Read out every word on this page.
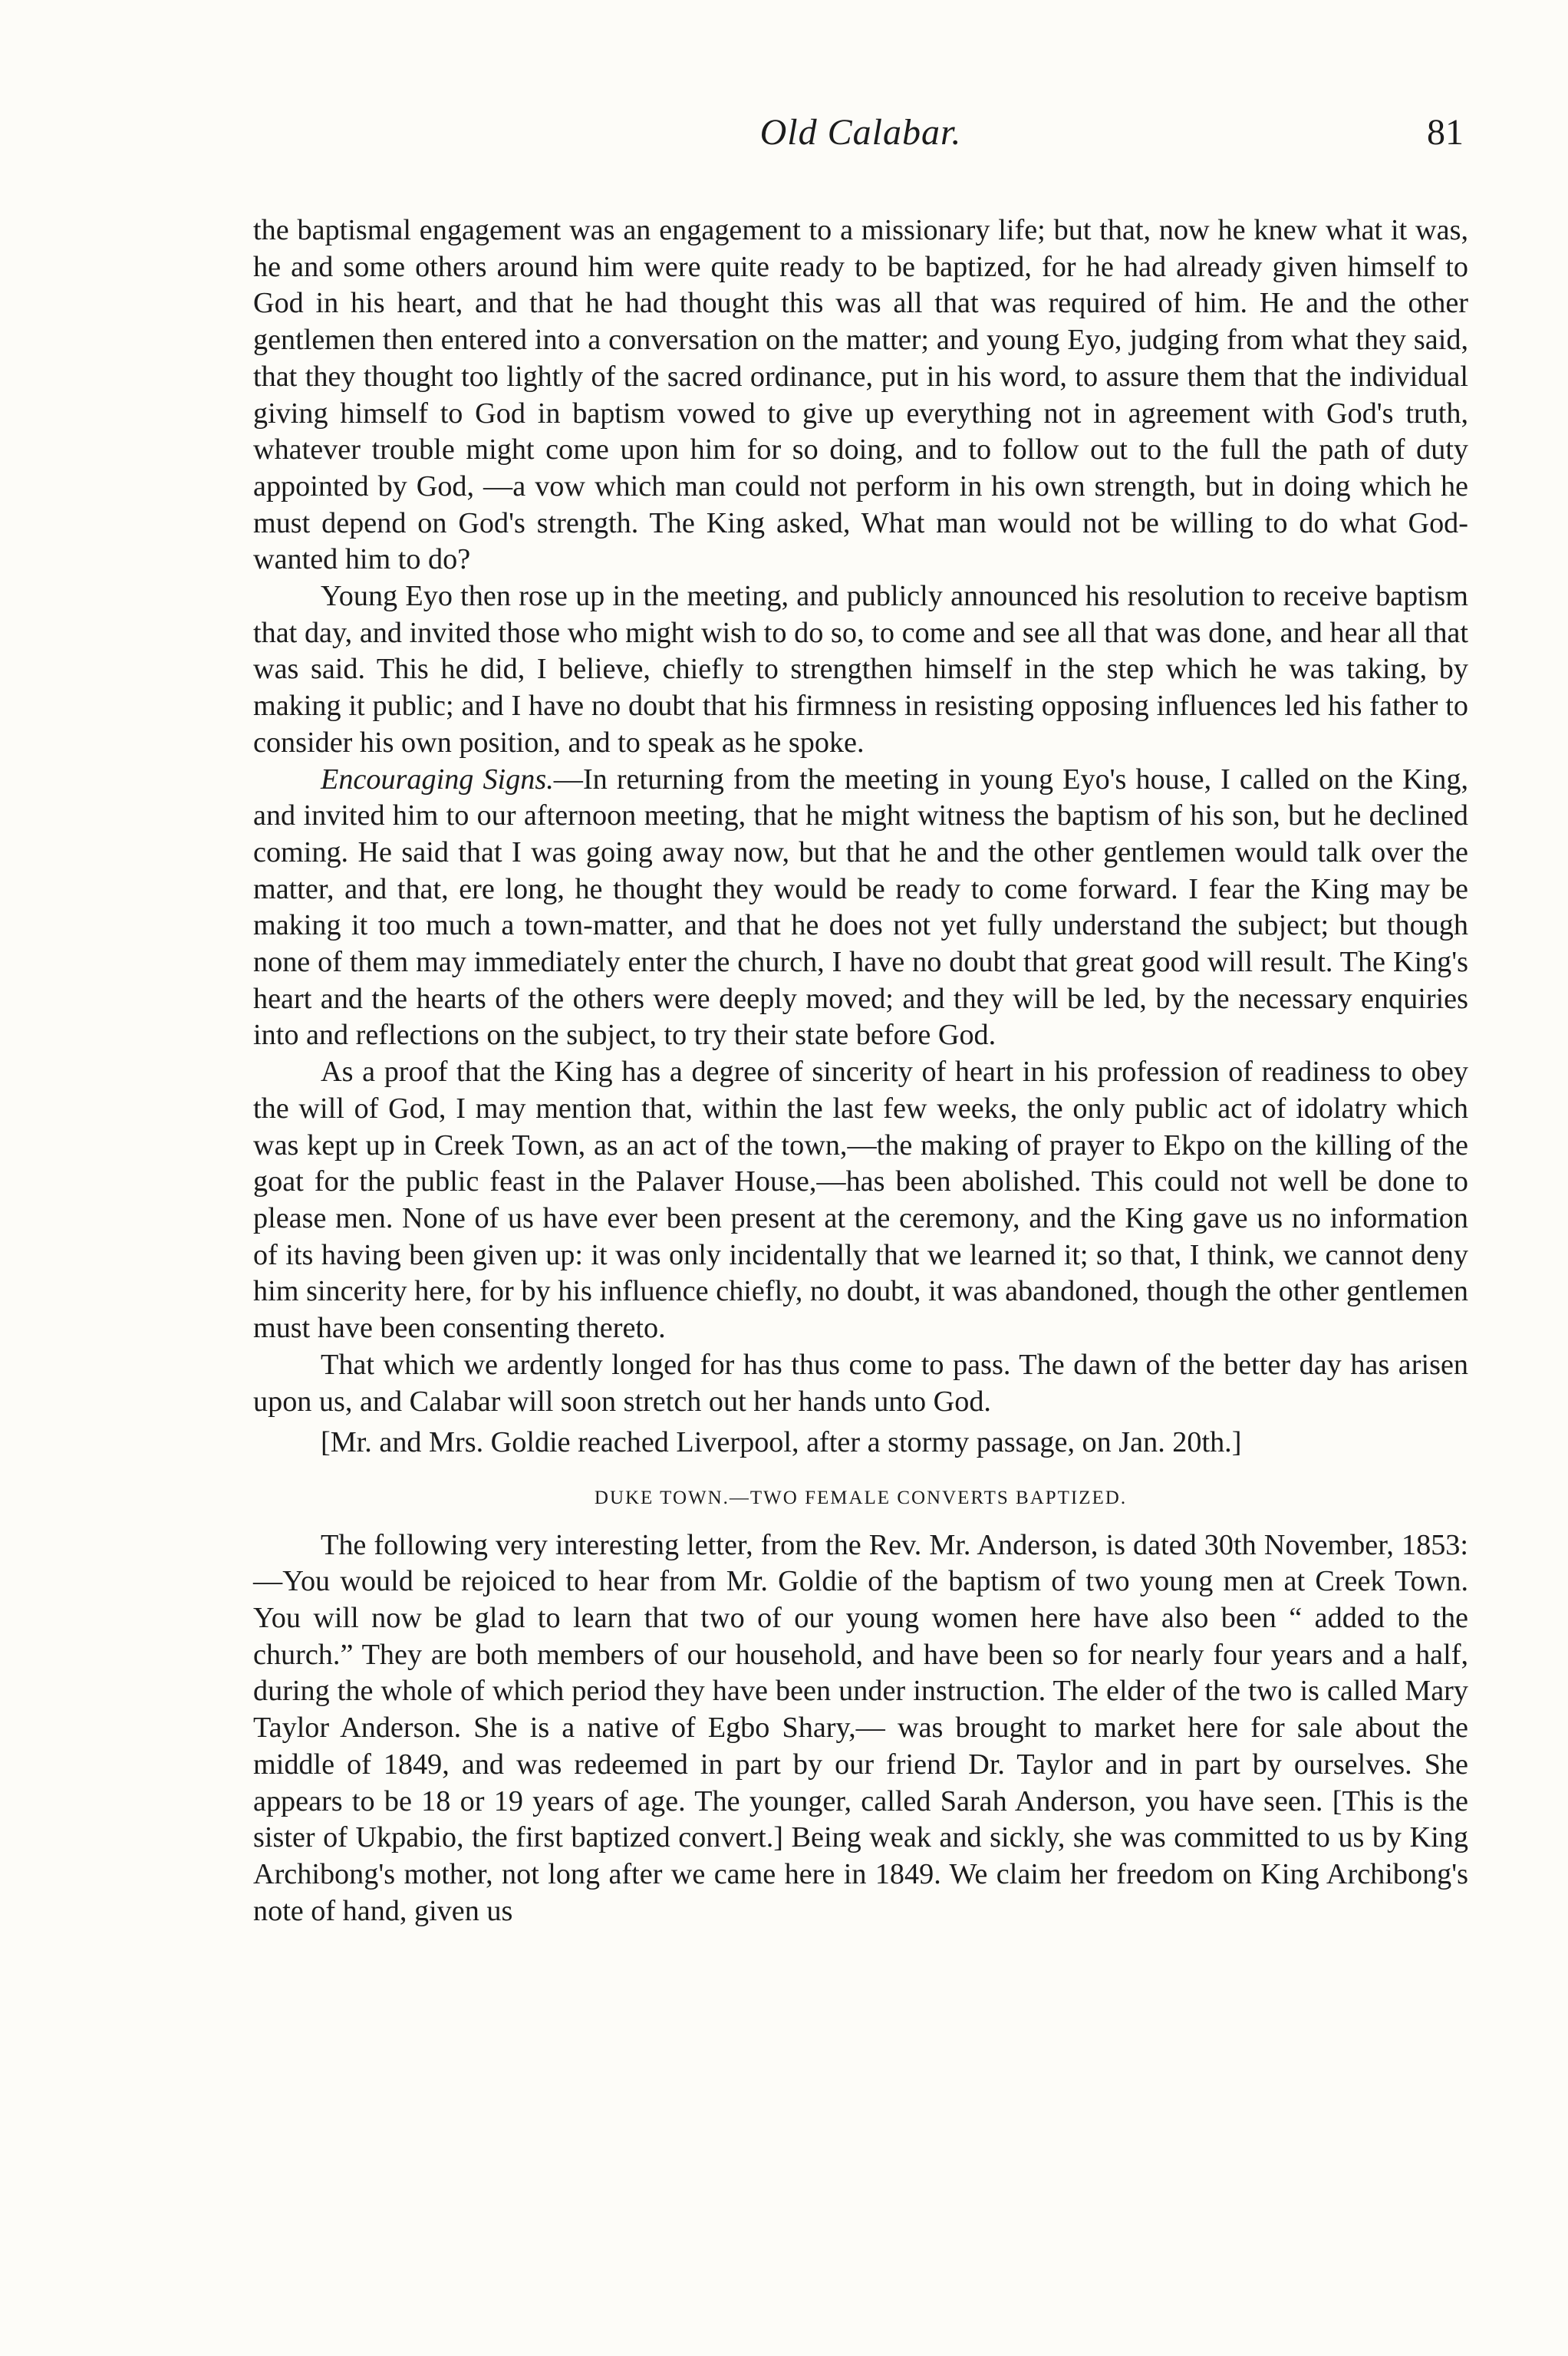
Old Calabar.	81

the baptismal engagement was an engagement to a missionary life; but that, now he knew what it was, he and some others around him were quite ready to be baptized, for he had already given himself to God in his heart, and that he had thought this was all that was required of him. He and the other gentlemen then entered into a conversation on the matter; and young Eyo, judging from what they said, that they thought too lightly of the sacred ordinance, put in his word, to assure them that the individual giving himself to God in baptism vowed to give up everything not in agreement with God's truth, whatever trouble might come upon him for so doing, and to follow out to the full the path of duty appointed by God, —a vow which man could not perform in his own strength, but in doing which he must depend on God's strength. The King asked, What man would not be willing to do what God-wanted him to do?

Young Eyo then rose up in the meeting, and publicly announced his resolution to receive baptism that day, and invited those who might wish to do so, to come and see all that was done, and hear all that was said. This he did, I believe, chiefly to strengthen himself in the step which he was taking, by making it public; and I have no doubt that his firmness in resisting opposing influences led his father to consider his own position, and to speak as he spoke.

Encouraging Signs.—In returning from the meeting in young Eyo's house, I called on the King, and invited him to our afternoon meeting, that he might witness the baptism of his son, but he declined coming. He said that I was going away now, but that he and the other gentlemen would talk over the matter, and that, ere long, he thought they would be ready to come forward. I fear the King may be making it too much a town-matter, and that he does not yet fully understand the subject; but though none of them may immediately enter the church, I have no doubt that great good will result. The King's heart and the hearts of the others were deeply moved; and they will be led, by the necessary enquiries into and reflections on the subject, to try their state before God.

As a proof that the King has a degree of sincerity of heart in his profession of readiness to obey the will of God, I may mention that, within the last few weeks, the only public act of idolatry which was kept up in Creek Town, as an act of the town,—the making of prayer to Ekpo on the killing of the goat for the public feast in the Palaver House,—has been abolished. This could not well be done to please men. None of us have ever been present at the ceremony, and the King gave us no information of its having been given up: it was only incidentally that we learned it; so that, I think, we cannot deny him sincerity here, for by his influence chiefly, no doubt, it was abandoned, though the other gentlemen must have been consenting thereto.

That which we ardently longed for has thus come to pass. The dawn of the better day has arisen upon us, and Calabar will soon stretch out her hands unto God.

[Mr. and Mrs. Goldie reached Liverpool, after a stormy passage, on Jan. 20th.]

DUKE TOWN.—TWO FEMALE CONVERTS BAPTIZED.

The following very interesting letter, from the Rev. Mr. Anderson, is dated 30th November, 1853:—You would be rejoiced to hear from Mr. Goldie of the baptism of two young men at Creek Town. You will now be glad to learn that two of our young women here have also been “ added to the church.” They are both members of our household, and have been so for nearly four years and a half, during the whole of which period they have been under instruction. The elder of the two is called Mary Taylor Anderson. She is a native of Egbo Shary,— was brought to market here for sale about the middle of 1849, and was redeemed in part by our friend Dr. Taylor and in part by ourselves. She appears to be 18 or 19 years of age. The younger, called Sarah Anderson, you have seen. [This is the sister of Ukpabio, the first baptized convert.] Being weak and sickly, she was committed to us by King Archibong's mother, not long after we came here in 1849. We claim her freedom on King Archibong's note of hand, given us
